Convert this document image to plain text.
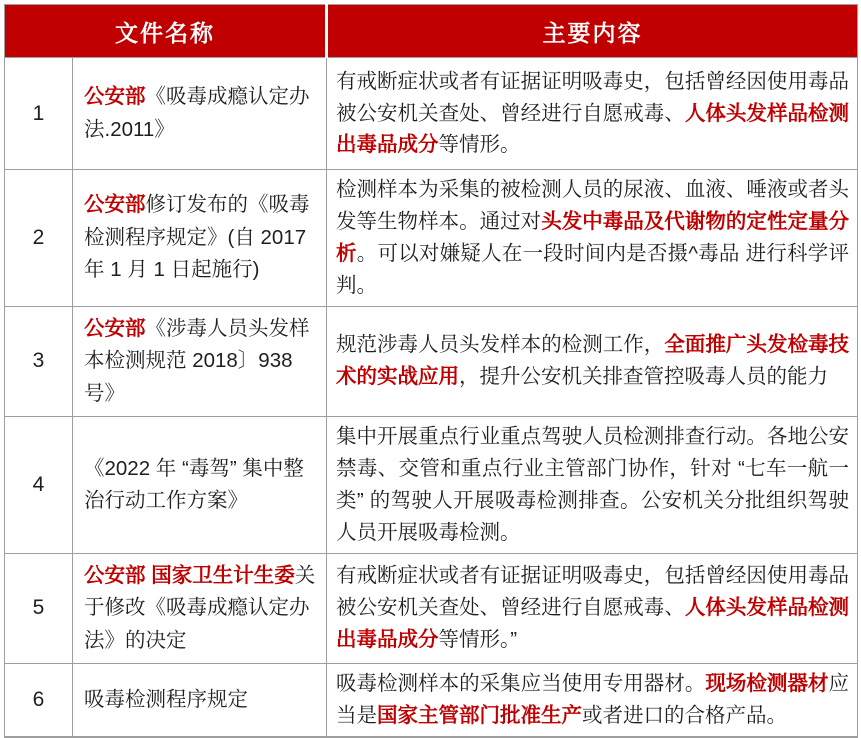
文件名称		主要内容
1	公安部《吸毒成瘾认定办法.2011》	有戒断症状或者有证据证明吸毒史，包括曾经因使用毒品被公安机关查处、曾经进行自愿戒毒、人体头发样品检测出毒品成分等情形。
2	公安部修订发布的《吸毒检测程序规定》(自 2017 年 1 月 1 日起施行)	检测样本为采集的被检测人员的尿液、血液、唾液或者头发等生物样本。通过对头发中毒品及代谢物的定性定量分析。可以对嫌疑人在一段时间内是否摄^毒品 进行科学评判。
3	公安部《涉毒人员头发样本检测规范 2018〕938 号》	规范涉毒人员头发样本的检测工作，全面推广头发检毒技术的实战应用，提升公安机关排查管控吸毒人员的能力
4	《2022 年 “毒驾” 集中整治行动工作方案》	集中开展重点行业重点驾驶人员检测排查行动。各地公安禁毒、交管和重点行业主管部门协作，针对 “七车一航一类” 的驾驶人开展吸毒检测排查。公安机关分批组织驾驶人员开展吸毒检测。
5	公安部 国家卫生计生委关于修改《吸毒成瘾认定办法》的决定	有戒断症状或者有证据证明吸毒史，包括曾经因使用毒品被公安机关查处、曾经进行自愿戒毒、人体头发样品检测出毒品成分等情形。”
6	吸毒检测程序规定	吸毒检测样本的采集应当使用专用器材。现场检测器材应当是国家主管部门批准生产或者进口的合格产品。
